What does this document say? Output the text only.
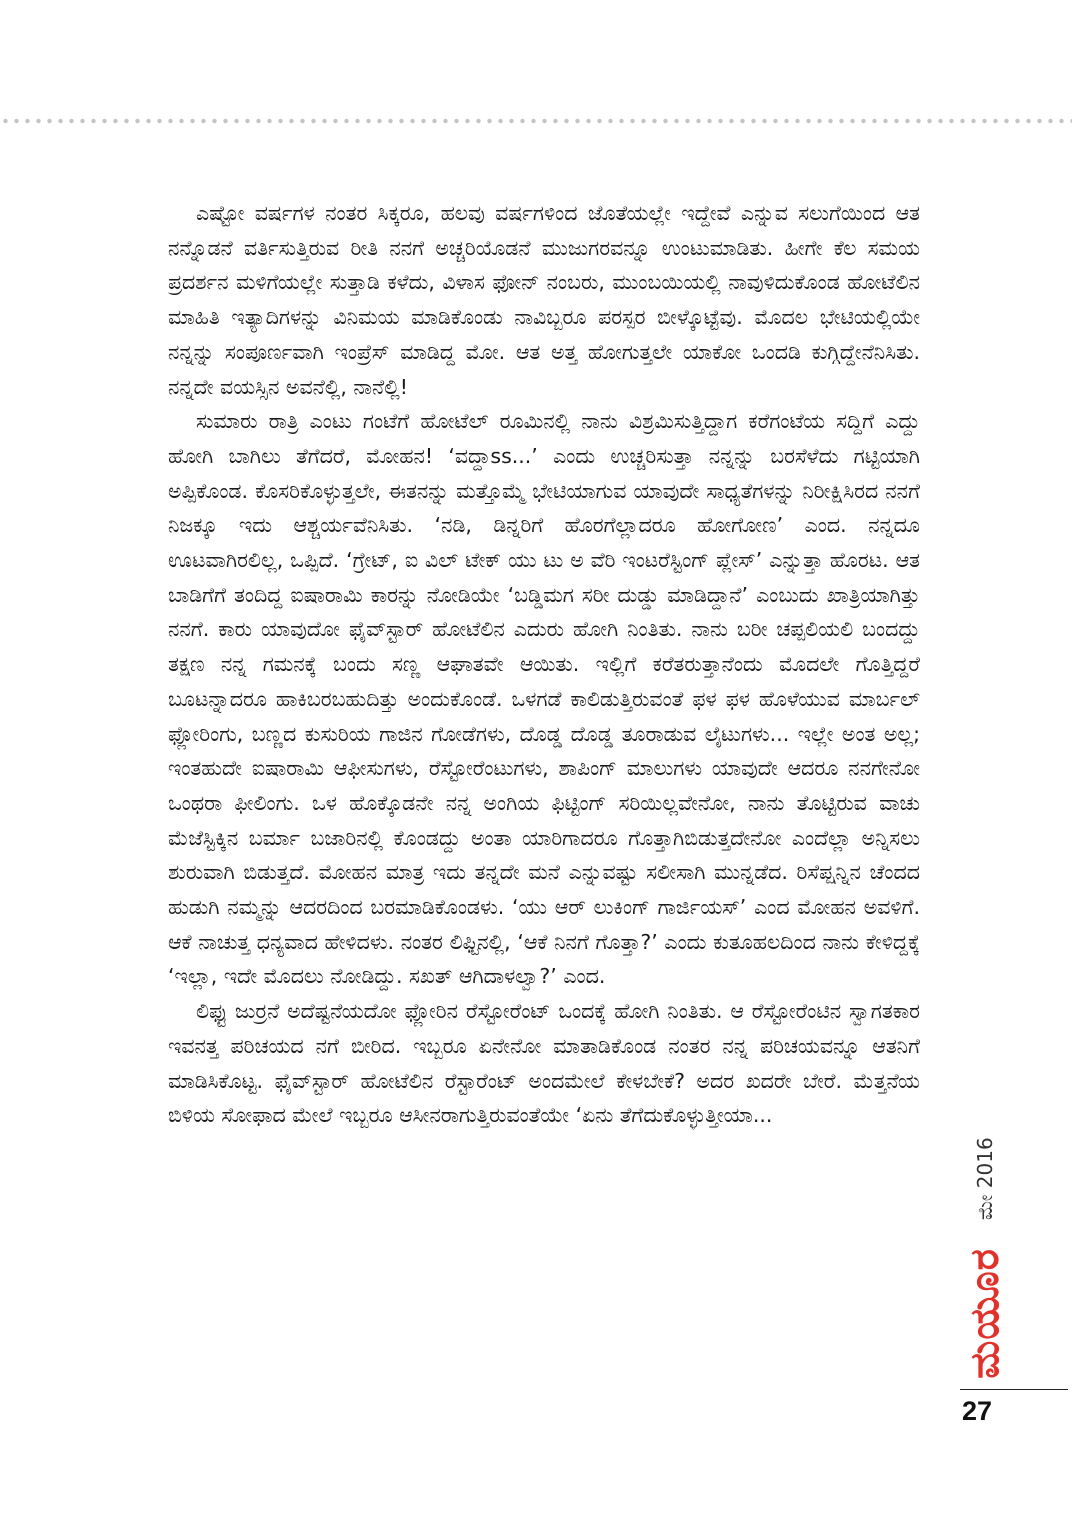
ಎಷ್ಟೋ ವರ್ಷಗಳ ನಂತರ ಸಿಕ್ಕರೂ, ಹಲವು ವರ್ಷಗಳಿಂದ ಜೊತೆಯಲ್ಲೇ ಇದ್ದೇವೆ ಎನ್ನುವ ಸಲುಗೆಯಿಂದ ಆತ ನನ್ನೊಡನೆ ವರ್ತಿಸುತ್ತಿರುವ ರೀತಿ ನನಗೆ ಅಚ್ಚರಿಯೊಡನೆ ಮುಜುಗರವನ್ನೂ ಉಂಟುಮಾಡಿತು. ಹೀಗೇ ಕೆಲ ಸಮಯ ಪ್ರದರ್ಶನ ಮಳಿಗೆಯಲ್ಲೇ ಸುತ್ತಾಡಿ ಕಳೆದು, ವಿಳಾಸ ಫೋನ್ ನಂಬರು, ಮುಂಬಯಿಯಲ್ಲಿ ನಾವುಳಿದುಕೊಂಡ ಹೋಟೆಲಿನ ಮಾಹಿತಿ ಇತ್ಯಾದಿಗಳನ್ನು ವಿನಿಮಯ ಮಾಡಿಕೊಂಡು ನಾವಿಬ್ಬರೂ ಪರಸ್ಪರ ಬೀಳ್ಕೊಟ್ಟೆವು. ಮೊದಲ ಭೇಟಿಯಲ್ಲಿಯೇ ನನ್ನನ್ನು ಸಂಪೂರ್ಣವಾಗಿ ಇಂಪ್ರೆಸ್ ಮಾಡಿದ್ದ ಮೋ. ಆತ ಅತ್ತ ಹೋಗುತ್ತಲೇ ಯಾಕೋ ಒಂದಡಿ ಕುಗ್ಗಿದ್ದೇನೆನಿಸಿತು. ನನ್ನದೇ ವಯಸ್ಸಿನ ಅವನೆಲ್ಲಿ, ನಾನೆಲ್ಲಿ!

ಸುಮಾರು ರಾತ್ರಿ ಎಂಟು ಗಂಟೆಗೆ ಹೋಟೆಲ್ ರೂಮಿನಲ್ಲಿ ನಾನು ವಿಶ್ರಮಿಸುತ್ತಿದ್ದಾಗ ಕರೆಗಂಟೆಯ ಸದ್ದಿಗೆ ಎದ್ದು ಹೋಗಿ ಬಾಗಿಲು ತೆಗೆದರೆ, ಮೋಹನ! ‘ವದ್ದಾss...’ ಎಂದು ಉಚ್ಚರಿಸುತ್ತಾ ನನ್ನನ್ನು ಬರಸೆಳೆದು ಗಟ್ಟಿಯಾಗಿ ಅಪ್ಪಿಕೊಂಡ. ಕೊಸರಿಕೊಳ್ಳುತ್ತಲೇ, ಈತನನ್ನು ಮತ್ತೊಮ್ಮೆ ಭೇಟಿಯಾಗುವ ಯಾವುದೇ ಸಾಧ್ಯತೆಗಳನ್ನು ನಿರೀಕ್ಷಿಸಿರದ ನನಗೆ ನಿಜಕ್ಕೂ ಇದು ಆಶ್ಚರ್ಯವೆನಿಸಿತು. ‘ನಡಿ, ಡಿನ್ನರಿಗೆ ಹೊರಗೆಲ್ಲಾದರೂ ಹೋಗೋಣ’ ಎಂದ. ನನ್ನದೂ ಊಟವಾಗಿರಲಿಲ್ಲ, ಒಪ್ಪಿದೆ. ‘ಗ್ರೇಟ್, ಐ ವಿಲ್ ಟೇಕ್ ಯು ಟು ಅ ವೆರಿ ಇಂಟರೆಸ್ಟಿಂಗ್ ಪ್ಲೇಸ್’ ಎನ್ನುತ್ತಾ ಹೊರಟ. ಆತ ಬಾಡಿಗೆಗೆ ತಂದಿದ್ದ ಐಷಾರಾಮಿ ಕಾರನ್ನು ನೋಡಿಯೇ ‘ಬಡ್ಡಿಮಗ ಸರೀ ದುಡ್ಡು ಮಾಡಿದ್ದಾನೆ’ ಎಂಬುದು ಖಾತ್ರಿಯಾಗಿತ್ತು ನನಗೆ. ಕಾರು ಯಾವುದೋ ಫೈವ್‌ಸ್ಟಾರ್ ಹೋಟೆಲಿನ ಎದುರು ಹೋಗಿ ನಿಂತಿತು. ನಾನು ಬರೀ ಚಪ್ಪಲಿಯಲಿ ಬಂದದ್ದು ತಕ್ಷಣ ನನ್ನ ಗಮನಕ್ಕೆ ಬಂದು ಸಣ್ಣ ಆಘಾತವೇ ಆಯಿತು. ಇಲ್ಲಿಗೆ ಕರೆತರುತ್ತಾನೆಂದು ಮೊದಲೇ ಗೊತ್ತಿದ್ದರೆ ಬೂಟನ್ನಾದರೂ ಹಾಕಿಬರಬಹುದಿತ್ತು ಅಂದುಕೊಂಡೆ. ಒಳಗಡೆ ಕಾಲಿಡುತ್ತಿರುವಂತೆ ಫಳ ಫಳ ಹೊಳೆಯುವ ಮಾರ್ಬಲ್ ಫ್ಲೋರಿಂಗು, ಬಣ್ಣದ ಕುಸುರಿಯ ಗಾಜಿನ ಗೋಡೆಗಳು, ದೊಡ್ಡ ದೊಡ್ಡ ತೂರಾಡುವ ಲೈಟುಗಳು... ಇಲ್ಲೇ ಅಂತ ಅಲ್ಲ; ಇಂತಹುದೇ ಐಷಾರಾಮಿ ಆಫೀಸುಗಳು, ರೆಸ್ಟೋರೆಂಟುಗಳು, ಶಾಪಿಂಗ್ ಮಾಲುಗಳು ಯಾವುದೇ ಆದರೂ ನನಗೇನೋ ಒಂಥರಾ ಫೀಲಿಂಗು. ಒಳ ಹೊಕ್ಕೊಡನೇ ನನ್ನ ಅಂಗಿಯ ಫಿಟ್ಟಿಂಗ್ ಸರಿಯಿಲ್ಲವೇನೋ, ನಾನು ತೊಟ್ಟಿರುವ ವಾಚು ಮೆಜೆಸ್ಟಿಕ್ಕಿನ ಬರ್ಮಾ ಬಜಾರಿನಲ್ಲಿ ಕೊಂಡದ್ದು ಅಂತಾ ಯಾರಿಗಾದರೂ ಗೊತ್ತಾಗಿಬಿಡುತ್ತದೇನೋ ಎಂದೆಲ್ಲಾ ಅನ್ನಿಸಲು ಶುರುವಾಗಿ ಬಿಡುತ್ತದೆ. ಮೋಹನ ಮಾತ್ರ ಇದು ತನ್ನದೇ ಮನೆ ಎನ್ನುವಷ್ಟು ಸಲೀಸಾಗಿ ಮುನ್ನಡೆದ. ರಿಸೆಪ್ಷನ್ನಿನ ಚೆಂದದ ಹುಡುಗಿ ನಮ್ಮನ್ನು ಆದರದಿಂದ ಬರಮಾಡಿಕೊಂಡಳು. ‘ಯು ಆರ್ ಲುಕಿಂಗ್ ಗಾರ್ಜಿಯಸ್’ ಎಂದ ಮೋಹನ ಅವಳಿಗೆ. ಆಕೆ ನಾಚುತ್ತ ಧನ್ಯವಾದ ಹೇಳಿದಳು. ನಂತರ ಲಿಫ್ಟಿನಲ್ಲಿ, ‘ಆಕೆ ನಿನಗೆ ಗೊತ್ತಾ?’ ಎಂದು ಕುತೂಹಲದಿಂದ ನಾನು ಕೇಳಿದ್ದಕ್ಕೆ ‘ಇಲ್ಲಾ, ಇದೇ ಮೊದಲು ನೋಡಿದ್ದು. ಸಖತ್ ಆಗಿದಾಳಲ್ವಾ?’ ಎಂದ.

ಲಿಫ್ಟು ಜುರ್ರನೆ ಅದೆಷ್ಟನೆಯದೋ ಫ್ಲೋರಿನ ರೆಸ್ಟೋರೆಂಟ್ ಒಂದಕ್ಕೆ ಹೋಗಿ ನಿಂತಿತು. ಆ ರೆಸ್ಟೋರೆಂಟಿನ ಸ್ವಾಗತಕಾರ ಇವನತ್ತ ಪರಿಚಯದ ನಗೆ ಬೀರಿದ. ಇಬ್ಬರೂ ಏನೇನೋ ಮಾತಾಡಿಕೊಂಡ ನಂತರ ನನ್ನ ಪರಿಚಯವನ್ನೂ ಆತನಿಗೆ ಮಾಡಿಸಿಕೊಟ್ಟ. ಫೈವ್‌ಸ್ಟಾರ್ ಹೋಟೆಲಿನ ರೆಸ್ಟಾರೆಂಟ್ ಅಂದಮೇಲೆ ಕೇಳಬೇಕೆ? ಅದರ ಖದರೇ ಬೇರೆ. ಮೆತ್ತನೆಯ ಬಿಳಿಯ ಸೋಫಾದ ಮೇಲೆ ಇಬ್ಬರೂ ಆಸೀನರಾಗುತ್ತಿರುವಂತೆಯೇ ‘ಏನು ತೆಗೆದುಕೊಳ್ಳುತ್ತೀಯಾ...

ಮಯೂರ
ಮೇ 2016
27
